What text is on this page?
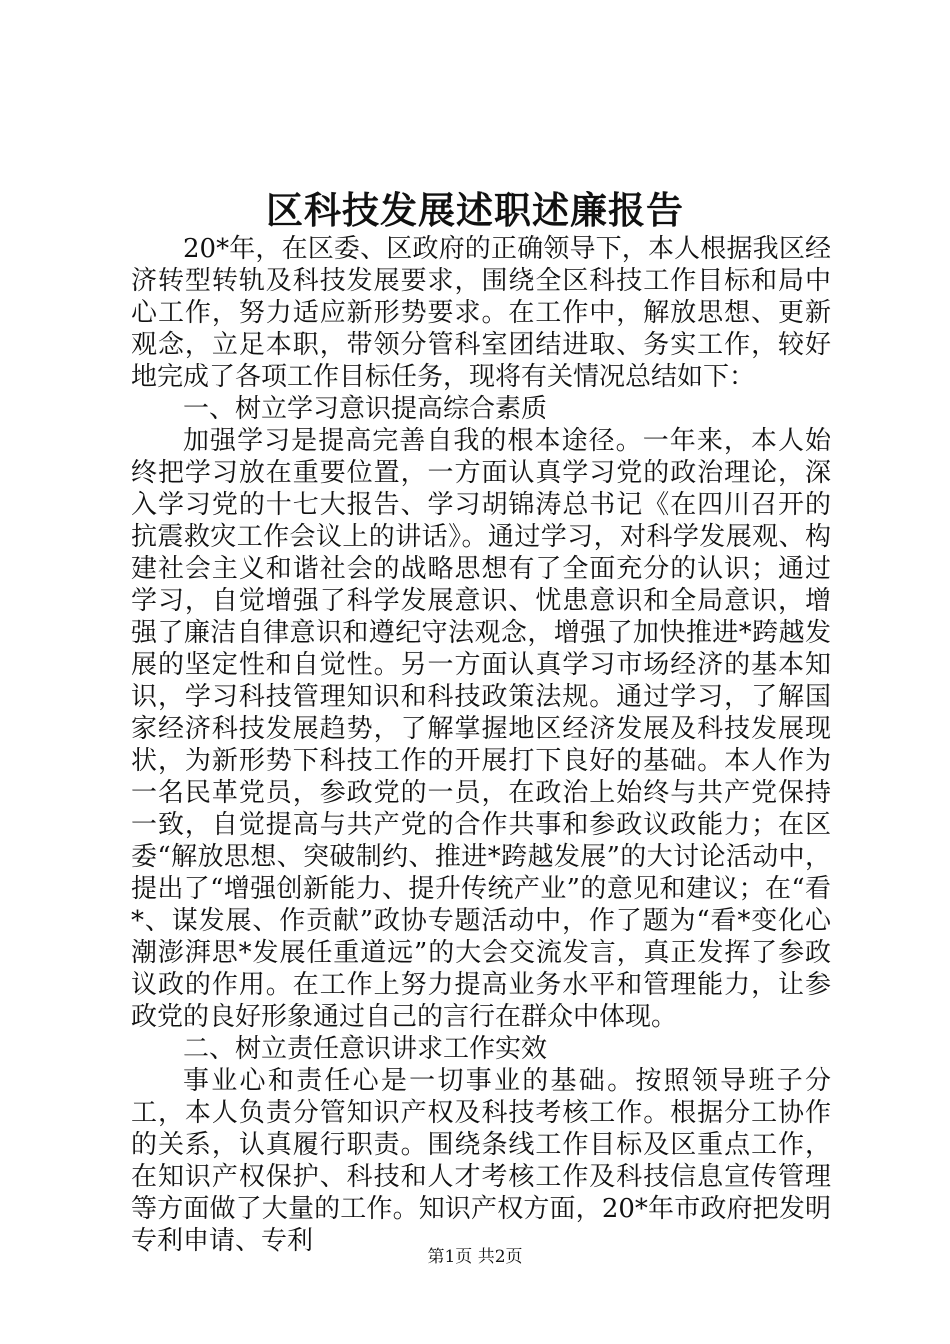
区科技发展述职述廉报告

20*年，在区委、区政府的正确领导下，本人根据我区经济转型转轨及科技发展要求，围绕全区科技工作目标和局中心工作，努力适应新形势要求。在工作中，解放思想、更新观念，立足本职，带领分管科室团结进取、务实工作，较好地完成了各项工作目标任务，现将有关情况总结如下：

一、树立学习意识提高综合素质

加强学习是提高完善自我的根本途径。一年来，本人始终把学习放在重要位置，一方面认真学习党的政治理论，深入学习党的十七大报告、学习胡锦涛总书记《在四川召开的抗震救灾工作会议上的讲话》。通过学习，对科学发展观、构建社会主义和谐社会的战略思想有了全面充分的认识；通过学习，自觉增强了科学发展意识、忧患意识和全局意识，增强了廉洁自律意识和遵纪守法观念，增强了加快推进*跨越发展的坚定性和自觉性。另一方面认真学习市场经济的基本知识，学习科技管理知识和科技政策法规。通过学习，了解国家经济科技发展趋势，了解掌握地区经济发展及科技发展现状，为新形势下科技工作的开展打下良好的基础。本人作为一名民革党员，参政党的一员，在政治上始终与共产党保持一致，自觉提高与共产党的合作共事和参政议政能力；在区委“解放思想、突破制约、推进*跨越发展”的大讨论活动中，提出了“增强创新能力、提升传统产业”的意见和建议；在“看*、谋发展、作贡献”政协专题活动中，作了题为“看*变化心潮澎湃思*发展任重道远”的大会交流发言，真正发挥了参政议政的作用。在工作上努力提高业务水平和管理能力，让参政党的良好形象通过自己的言行在群众中体现。

二、树立责任意识讲求工作实效

事业心和责任心是一切事业的基础。按照领导班子分工，本人负责分管知识产权及科技考核工作。根据分工协作的关系，认真履行职责。围绕条线工作目标及区重点工作，在知识产权保护、科技和人才考核工作及科技信息宣传管理等方面做了大量的工作。知识产权方面，20*年市政府把发明专利申请、专利

第1页 共2页
